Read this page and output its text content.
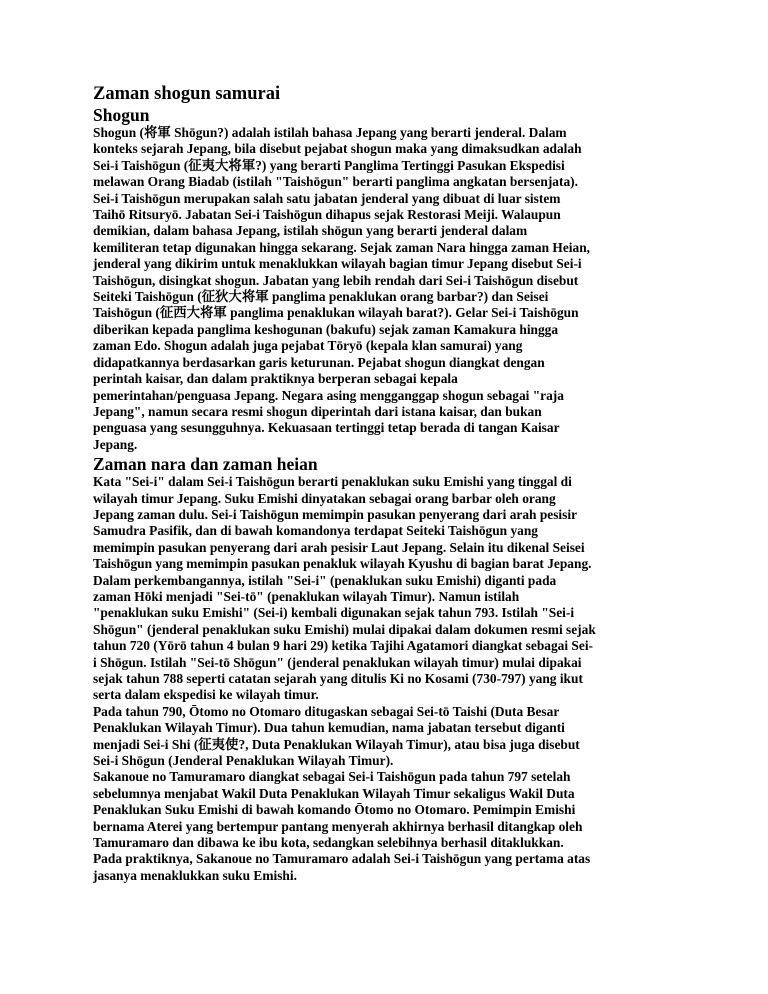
Zaman shogun samurai
Shogun

Shogun (将軍 Shōgun?) adalah istilah bahasa Jepang yang berarti jenderal. Dalam
konteks sejarah Jepang, bila disebut pejabat shogun maka yang dimaksudkan adalah
Sei-i Taishōgun (征夷大将軍?) yang berarti Panglima Tertinggi Pasukan Ekspedisi
melawan Orang Biadab (istilah "Taishōgun" berarti panglima angkatan bersenjata).
Sei-i Taishōgun merupakan salah satu jabatan jenderal yang dibuat di luar sistem
Taihō Ritsuryō. Jabatan Sei-i Taishōgun dihapus sejak Restorasi Meiji. Walaupun
demikian, dalam bahasa Jepang, istilah shōgun yang berarti jenderal dalam
kemiliteran tetap digunakan hingga sekarang. Sejak zaman Nara hingga zaman Heian,
jenderal yang dikirim untuk menaklukkan wilayah bagian timur Jepang disebut Sei-i
Taishōgun, disingkat shogun. Jabatan yang lebih rendah dari Sei-i Taishōgun disebut
Seiteki Taishōgun (征狄大将軍 panglima penaklukan orang barbar?) dan Seisei
Taishōgun (征西大将軍 panglima penaklukan wilayah barat?). Gelar Sei-i Taishōgun
diberikan kepada panglima keshogunan (bakufu) sejak zaman Kamakura hingga
zaman Edo. Shogun adalah juga pejabat Tōryō (kepala klan samurai) yang
didapatkannya berdasarkan garis keturunan. Pejabat shogun diangkat dengan
perintah kaisar, dan dalam praktiknya berperan sebagai kepala
pemerintahan/penguasa Jepang. Negara asing mengganggap shogun sebagai "raja
Jepang", namun secara resmi shogun diperintah dari istana kaisar, dan bukan
penguasa yang sesungguhnya. Kekuasaan tertinggi tetap berada di tangan Kaisar
Jepang.

Zaman nara dan zaman heian

Kata "Sei-i" dalam Sei-i Taishōgun berarti penaklukan suku Emishi yang tinggal di
wilayah timur Jepang. Suku Emishi dinyatakan sebagai orang barbar oleh orang
Jepang zaman dulu. Sei-i Taishōgun memimpin pasukan penyerang dari arah pesisir
Samudra Pasifik, dan di bawah komandonya terdapat Seiteki Taishōgun yang
memimpin pasukan penyerang dari arah pesisir Laut Jepang. Selain itu dikenal Seisei
Taishōgun yang memimpin pasukan penakluk wilayah Kyushu di bagian barat Jepang.
Dalam perkembangannya, istilah "Sei-i" (penaklukan suku Emishi) diganti pada
zaman Hōki menjadi "Sei-tō" (penaklukan wilayah Timur). Namun istilah
"penaklukan suku Emishi" (Sei-i) kembali digunakan sejak tahun 793. Istilah "Sei-i
Shōgun" (jenderal penaklukan suku Emishi) mulai dipakai dalam dokumen resmi sejak
tahun 720 (Yōrō tahun 4 bulan 9 hari 29) ketika Tajihi Agatamori diangkat sebagai Sei-
i Shōgun. Istilah "Sei-tō Shōgun" (jenderal penaklukan wilayah timur) mulai dipakai
sejak tahun 788 seperti catatan sejarah yang ditulis Ki no Kosami (730-797) yang ikut
serta dalam ekspedisi ke wilayah timur.

Pada tahun 790, Ōtomo no Otomaro ditugaskan sebagai Sei-tō Taishi (Duta Besar
Penaklukan Wilayah Timur). Dua tahun kemudian, nama jabatan tersebut diganti
menjadi Sei-i Shi (征夷使?, Duta Penaklukan Wilayah Timur), atau bisa juga disebut
Sei-i Shōgun (Jenderal Penaklukan Wilayah Timur).

Sakanoue no Tamuramaro diangkat sebagai Sei-i Taishōgun pada tahun 797 setelah
sebelumnya menjabat Wakil Duta Penaklukan Wilayah Timur sekaligus Wakil Duta
Penaklukan Suku Emishi di bawah komando Ōtomo no Otomaro. Pemimpin Emishi
bernama Aterei yang bertempur pantang menyerah akhirnya berhasil ditangkap oleh
Tamuramaro dan dibawa ke ibu kota, sedangkan selebihnya berhasil ditaklukkan.
Pada praktiknya, Sakanoue no Tamuramaro adalah Sei-i Taishōgun yang pertama atas
jasanya menaklukkan suku Emishi.
